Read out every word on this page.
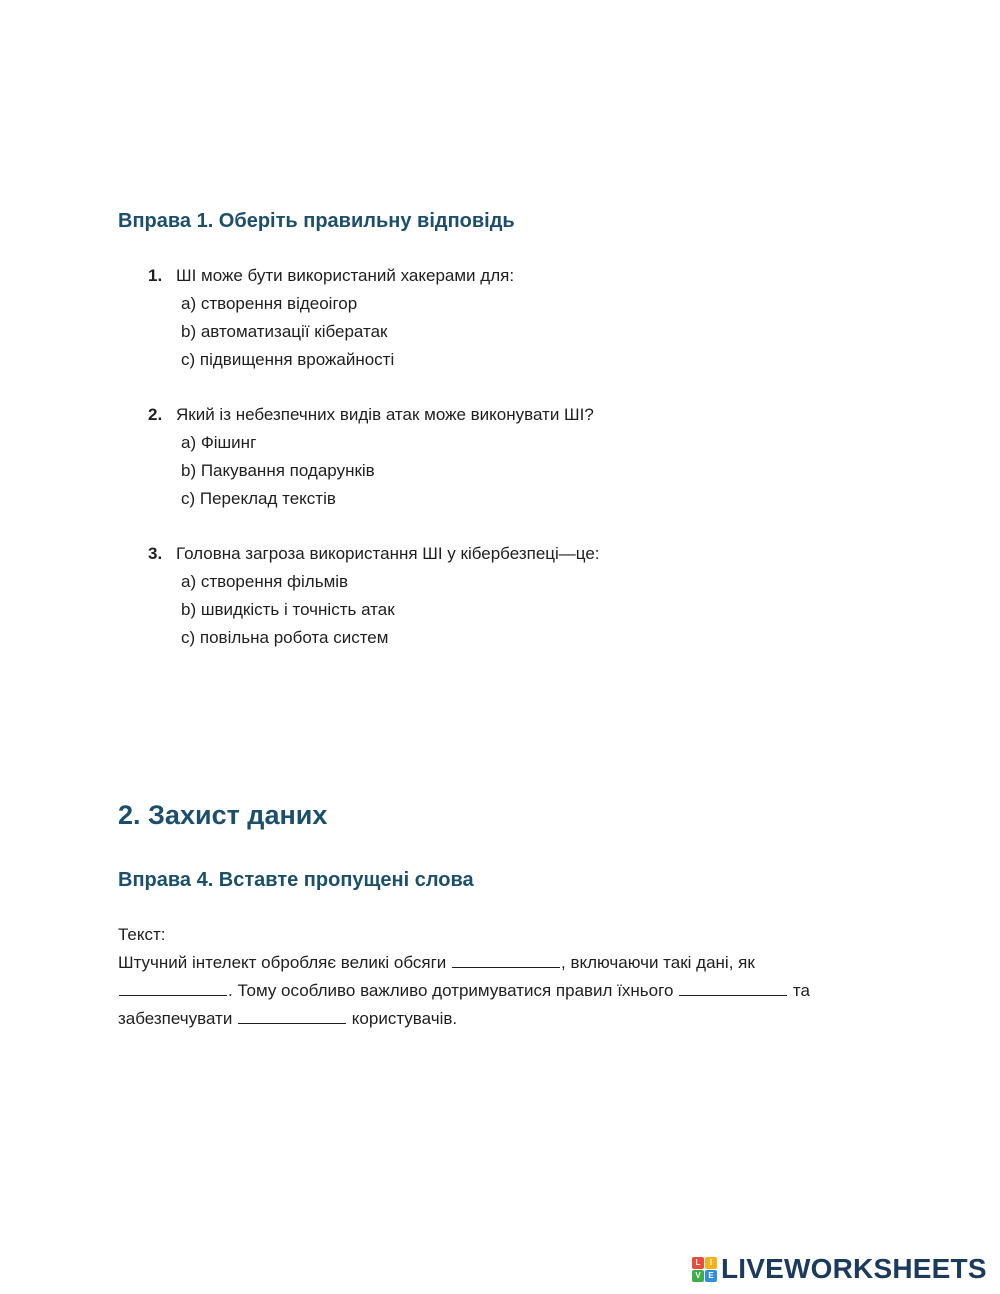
Вправа 1. Оберіть правильну відповідь
1. ШІ може бути використаний хакерами для:
a) створення відеоігор
b) автоматизації кібератак
c) підвищення врожайності
2. Який із небезпечних видів атак може виконувати ШІ?
a) Фішинг
b) Пакування подарунків
c) Переклад текстів
3. Головна загроза використання ШІ у кібербезпеці—це:
a) створення фільмів
b) швидкість і точність атак
c) повільна робота систем
2. Захист даних
Вправа 4. Вставте пропущені слова

Текст:

Штучний інтелект обробляє великі обсяги	, включаючи такі дані, як

. Тому особливо важливо дотримуватися правил їхнього	та

забезпечувати	користувачів.

L	I
V E LIVEWORKSHEETS
